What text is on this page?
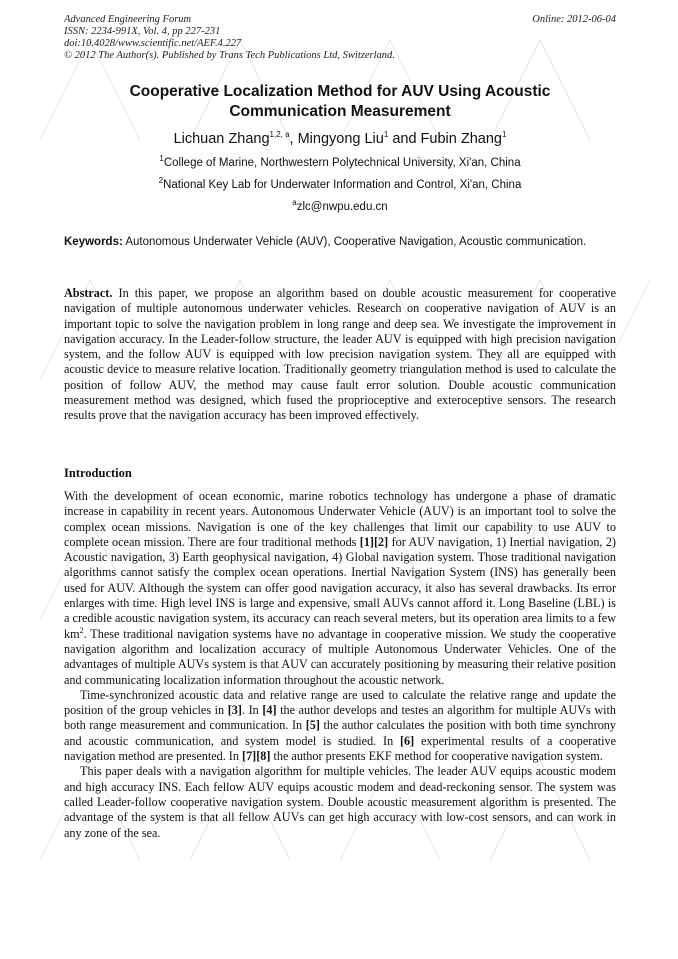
Advanced Engineering Forum
ISSN: 2234-991X, Vol. 4, pp 227-231
doi:10.4028/www.scientific.net/AEF.4.227
© 2012 The Author(s). Published by Trans Tech Publications Ltd, Switzerland.
Online: 2012-06-04
Cooperative Localization Method for AUV Using Acoustic
Communication Measurement
Lichuan Zhang$^{1,2, a}$, Mingyong Liu$^1$ and Fubin Zhang$^1$
$^1$College of Marine, Northwestern Polytechnical University, Xi'an, China
$^2$National Key Lab for Underwater Information and Control, Xi'an, China
$^a$zlc@nwpu.edu.cn
Keywords: Autonomous Underwater Vehicle (AUV), Cooperative Navigation, Acoustic communication.
Abstract. In this paper, we propose an algorithm based on double acoustic measurement for cooperative navigation of multiple autonomous underwater vehicles. Research on cooperative navigation of AUV is an important topic to solve the navigation problem in long range and deep sea. We investigate the improvement in navigation accuracy. In the Leader-follow structure, the leader AUV is equipped with high precision navigation system, and the follow AUV is equipped with low precision navigation system. They all are equipped with acoustic device to measure relative location. Traditionally geometry triangulation method is used to calculate the position of follow AUV, the method may cause fault error solution. Double acoustic communication measurement method was designed, which fused the proprioceptive and exteroceptive sensors. The research results prove that the navigation accuracy has been improved effectively.
Introduction

With the development of ocean economic, marine robotics technology has undergone a phase of dramatic increase in capability in recent years. Autonomous Underwater Vehicle (AUV) is an important tool to solve the complex ocean missions. Navigation is one of the key challenges that limit our capability to use AUV to complete ocean mission. There are four traditional methods [1][2] for AUV navigation, 1) Inertial navigation, 2) Acoustic navigation, 3) Earth geophysical navigation, 4) Global navigation system. Those traditional navigation algorithms cannot satisfy the complex ocean operations. Inertial Navigation System (INS) has generally been used for AUV. Although the system can offer good navigation accuracy, it also has several drawbacks. Its error enlarges with time. High level INS is large and expensive, small AUVs cannot afford it. Long Baseline (LBL) is a credible acoustic navigation system, its accuracy can reach several meters, but its operation area limits to a few $km^2$. These traditional navigation systems have no advantage in cooperative mission. We study the cooperative navigation algorithm and localization accuracy of multiple Autonomous Underwater Vehicles. One of the advantages of multiple AUVs system is that AUV can accurately positioning by measuring their relative position and communicating localization information throughout the acoustic network.

Time-synchronized acoustic data and relative range are used to calculate the relative range and update the position of the group vehicles in [3]. In [4] the author develops and testes an algorithm for multiple AUVs with both range measurement and communication. In [5] the author calculates the position with both time synchrony and acoustic communication, and system model is studied. In [6] experimental results of a cooperative navigation method are presented. In [7][8] the author presents EKF method for cooperative navigation system.

This paper deals with a navigation algorithm for multiple vehicles. The leader AUV equips acoustic modem and high accuracy INS. Each fellow AUV equips acoustic modem and dead-reckoning sensor. The system was called Leader-follow cooperative navigation system. Double acoustic measurement algorithm is presented. The advantage of the system is that all fellow AUVs can get high accuracy with low-cost sensors, and can work in any zone of the sea.
